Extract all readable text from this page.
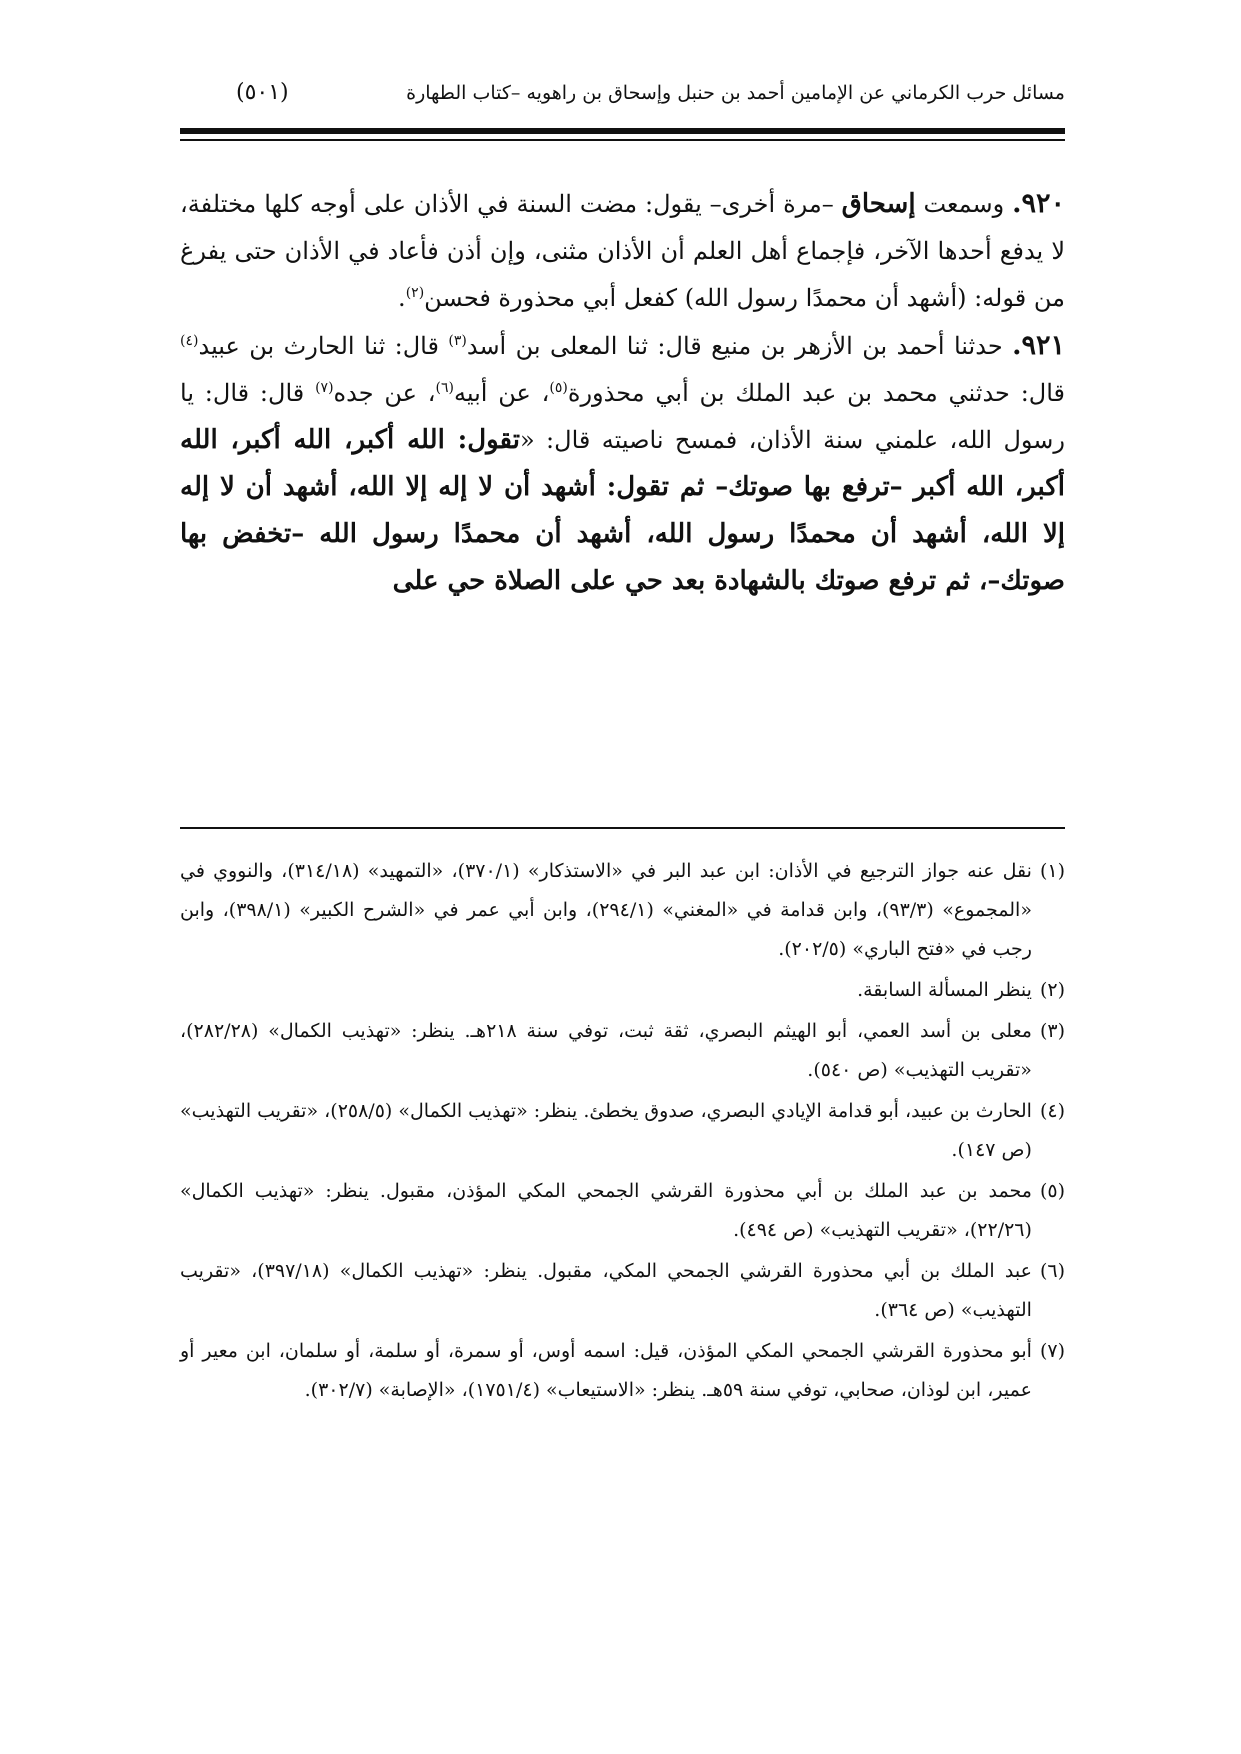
مسائل حرب الكرماني عن الإمامين أحمد بن حنبل وإسحاق بن راهويه –كتاب الطهارة
(٥٠١)

٩٢٠. وسمعت إسحاق –مرة أخرى– يقول: مضت السنة في الأذان على أوجه كلها مختلفة، لا يدفع أحدها الآخر، فإجماع أهل العلم أن الأذان مثنى، وإن أذن فأعاد في الأذان حتى يفرغ من قوله: (أشهد أن محمدًا رسول الله) كفعل أبي محذورة فحسن$^{(٢)}$.

٩٢١. حدثنا أحمد بن الأزهر بن منيع قال: ثنا المعلى بن أسد$^{(٣)}$ قال: ثنا الحارث بن عبيد$^{(٤)}$ قال: حدثني محمد بن عبد الملك بن أبي محذورة$^{(٥)}$، عن أبيه$^{(٦)}$، عن جده$^{(٧)}$ قال: قال: يا رسول الله، علمني سنة الأذان، فمسح ناصيته قال: «تقول: الله أكبر، الله أكبر، الله أكبر، الله أكبر –ترفع بها صوتك– ثم تقول: أشهد أن لا إله إلا الله، أشهد أن لا إله إلا الله، أشهد أن محمدًا رسول الله، أشهد أن محمدًا رسول الله –تخفض بها صوتك–، ثم ترفع صوتك بالشهادة بعد حي على الصلاة حي على

(١)
نقل عنه جواز الترجيع في الأذان: ابن عبد البر في «الاستذكار» (٣٧٠/١)، «التمهيد» (٣١٤/١٨)، والنووي في «المجموع» (٩٣/٣)، وابن قدامة في «المغني» (٢٩٤/١)، وابن أبي عمر في «الشرح الكبير» (٣٩٨/١)، وابن رجب في «فتح الباري» (٢٠٢/٥).
(٢)
ينظر المسألة السابقة.
(٣)
معلى بن أسد العمي، أبو الهيثم البصري، ثقة ثبت، توفي سنة ٢١٨هـ. ينظر: «تهذيب الكمال» (٢٨٢/٢٨)، «تقريب التهذيب» (ص ٥٤٠).
(٤)
الحارث بن عبيد، أبو قدامة الإيادي البصري، صدوق يخطئ. ينظر: «تهذيب الكمال» (٢٥٨/٥)، «تقريب التهذيب» (ص ١٤٧).
(٥)
محمد بن عبد الملك بن أبي محذورة القرشي الجمحي المكي المؤذن، مقبول. ينظر: «تهذيب الكمال» (٢٢/٢٦)، «تقريب التهذيب» (ص ٤٩٤).
(٦)
عبد الملك بن أبي محذورة القرشي الجمحي المكي، مقبول. ينظر: «تهذيب الكمال» (٣٩٧/١٨)، «تقريب التهذيب» (ص ٣٦٤).
(٧)
أبو محذورة القرشي الجمحي المكي المؤذن، قيل: اسمه أوس، أو سمرة، أو سلمة، أو سلمان، ابن معير أو عمير، ابن لوذان، صحابي، توفي سنة ٥٩هـ. ينظر: «الاستيعاب» (١٧٥١/٤)، «الإصابة» (٣٠٢/٧).
